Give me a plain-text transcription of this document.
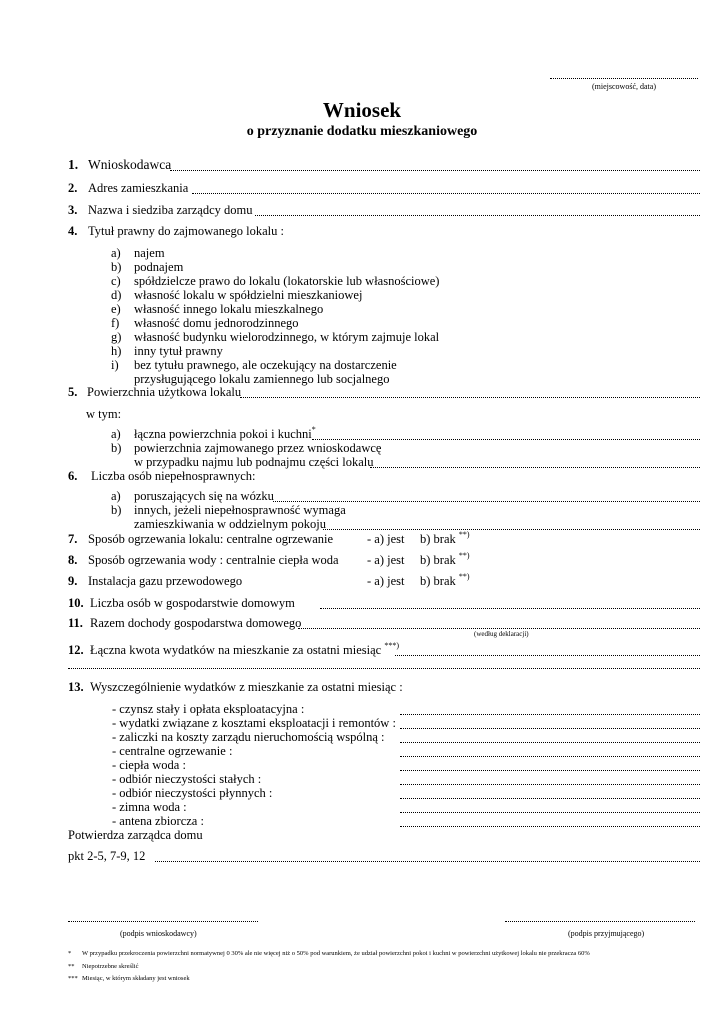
(miejscowość, data)
Wniosek
o przyznanie dodatku mieszkaniowego
1. Wnioskodawca
2. Adres zamieszkania
3. Nazwa i siedziba zarządcy domu
4. Tytuł prawny do zajmowanego lokalu :
a) najem
b) podnajem
c) spółdzielcze prawo do lokalu (lokatorskie lub własnościowe)
d) własność lokalu w spółdzielni mieszkaniowej
e) własność innego lokalu mieszkalnego
f) własność domu jednorodzinnego
g) własność budynku wielorodzinnego, w którym zajmuje lokal
h) inny tytuł prawny
i) bez tytułu prawnego, ale oczekujący na dostarczenie
przysługującego lokalu zamiennego lub socjalnego
5. Powierzchnia użytkowa lokalu
w tym:
a) łączna powierzchnia pokoi i kuchni*
b) powierzchnia zajmowanego przez wnioskodawcę
w przypadku najmu lub podnajmu części lokalu
6. Liczba osób niepełnosprawnych:
a) poruszających się na wózku
b) innych, jeżeli niepełnosprawność wymaga
zamieszkiwania w oddzielnym pokoju
7. Sposób ogrzewania lokalu: centralne ogrzewanie	- a) jest b) brak **)
8. Sposób ogrzewania wody : centralnie ciepła woda - a) jest b) brak **)
9. Instalacja gazu przewodowego	- a) jest b) brak **)
10. Liczba osób w gospodarstwie domowym
11. Razem dochody gospodarstwa domowego
(według deklaracji)
12. Łączna kwota wydatków na mieszkanie za ostatni miesiąc ***)
13. Wyszczególnienie wydatków z mieszkanie za ostatni miesiąc :
- czynsz stały i opłata eksploatacyjna :
- wydatki związane z kosztami eksploatacji i remontów :
- zaliczki na koszty zarządu nieruchomością wspólną :
- centralne ogrzewanie :
- ciepła woda :
- odbiór nieczystości stałych :
- odbiór nieczystości płynnych :
- zimna woda :
- antena zbiorcza :
Potwierdza zarządca domu
pkt 2-5, 7-9, 12
(podpis wnioskodawcy)	(podpis przyjmującego)
* W przypadku przekroczenia powierzchni normatywnej 0 30% ale nie więcej niż o 50% pod warunkiem, że udział powierzchni pokoi i kuchni w powierzchni użytkowej lokalu nie przekracza 60%
** Niepotrzebne skreślić
*** Miesiąc, w którym składany jest wniosek
